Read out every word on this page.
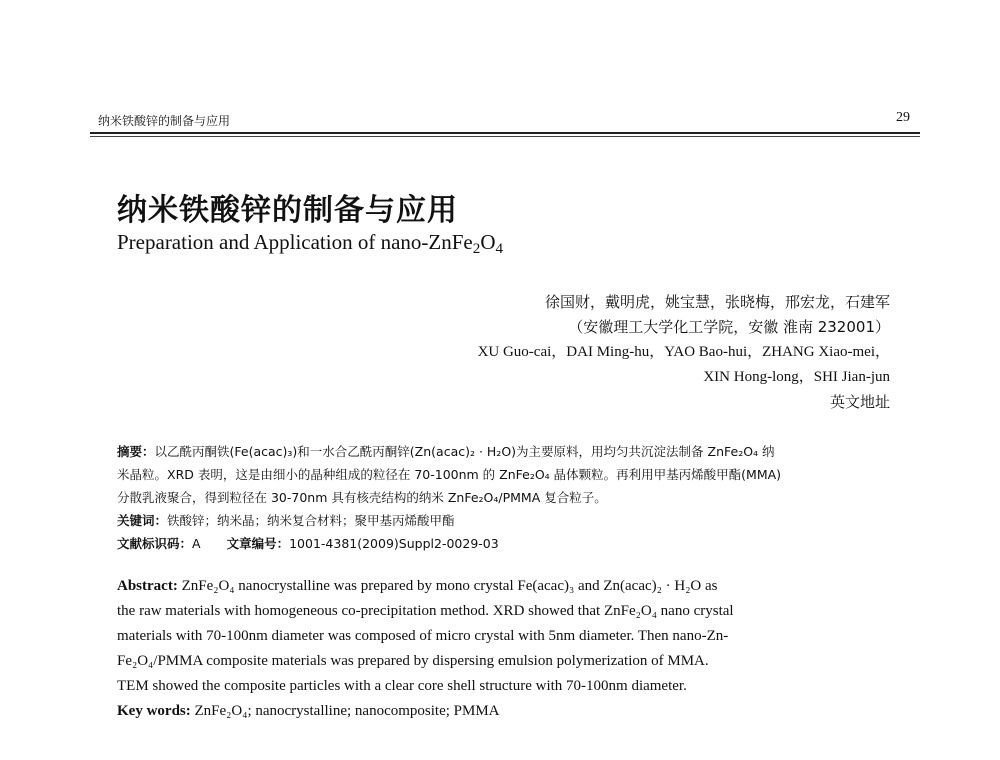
纳米铁酸锌的制备与应用	29
纳米铁酸锌的制备与应用
Preparation and Application of nano-$ZnFe_2O_4$
徐国财，戴明虎，姚宝慧，张晓梅，邢宏龙，石建军
（安徽理工大学化工学院，安徽 淮南 232001）
XU Guo-cai，DAI Ming-hu，YAO Bao-hui，ZHANG Xiao-mei，
XIN Hong-long，SHI Jian-jun
英文地址

摘要：以乙酰丙酮铁(Fe(acac)₃)和一水合乙酰丙酮锌(Zn(acac)₂ · H₂O)为主要原料，用均匀共沉淀法制备 ZnFe₂O₄ 纳

米晶粒。XRD 表明，这是由细小的晶种组成的粒径在 70-100nm 的 ZnFe₂O₄ 晶体颗粒。再利用甲基丙烯酸甲酯(MMA)

分散乳液聚合，得到粒径在 30-70nm 具有核壳结构的纳米 ZnFe₂O₄/PMMA 复合粒子。

关键词：铁酸锌；纳米晶；纳米复合材料；聚甲基丙烯酸甲酯

文献标识码：A 文章编号：1001-4381(2009)Suppl2-0029-03

Abstract: ZnFe₂O₄ nanocrystalline was prepared by mono crystal Fe(acac)₃ and Zn(acac)₂ · H₂O as

the raw materials with homogeneous co-precipitation method. XRD showed that ZnFe₂O₄ nano crystal

materials with 70-100nm diameter was composed of micro crystal with 5nm diameter. Then nano-Zn-

Fe₂O₄/PMMA composite materials was prepared by dispersing emulsion polymerization of MMA.

TEM showed the composite particles with a clear core shell structure with 70-100nm diameter.

Key words: ZnFe₂O₄; nanocrystalline; nanocomposite; PMMA
